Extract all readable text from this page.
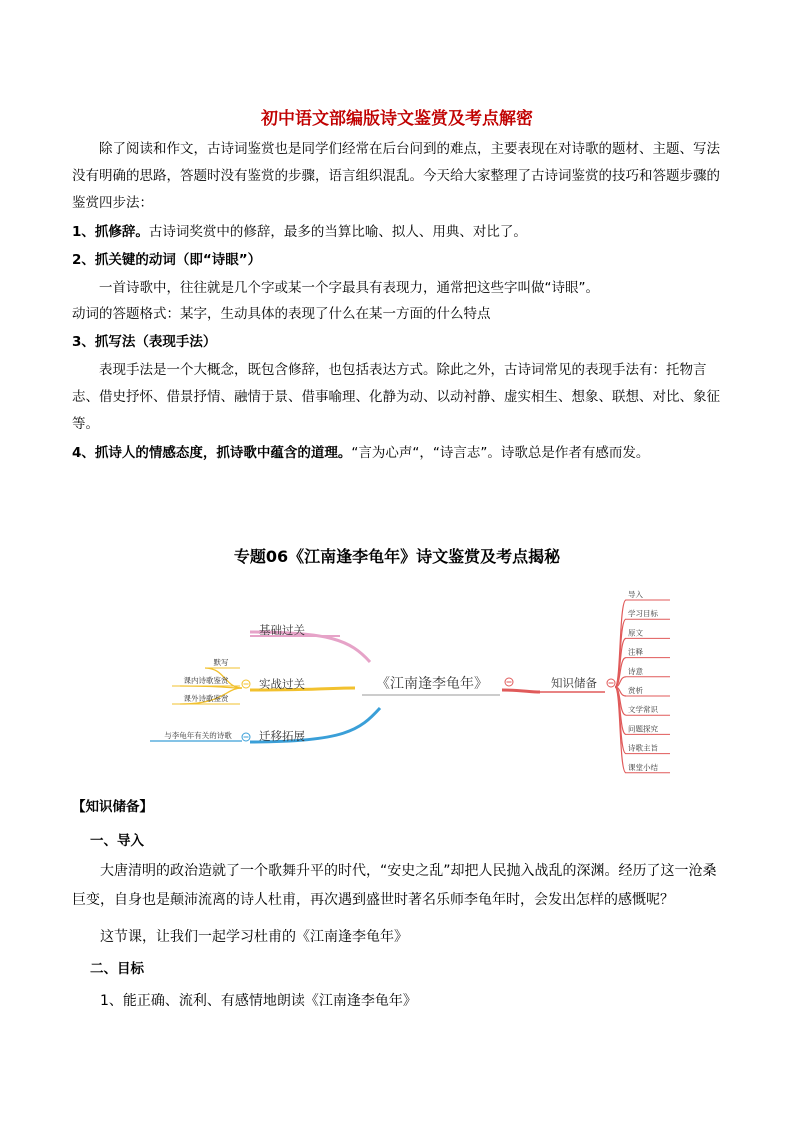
初中语文部编版诗文鉴赏及考点解密
除了阅读和作文，古诗词鉴赏也是同学们经常在后台问到的难点，主要表现在对诗歌的题材、主题、写法没有明确的思路，答题时没有鉴赏的步骤，语言组织混乱。今天给大家整理了古诗词鉴赏的技巧和答题步骤的鉴赏四步法：
1、抓修辞。古诗词奖赏中的修辞，最多的当算比喻、拟人、用典、对比了。
2、抓关键的动词（即“诗眼”）
一首诗歌中，往往就是几个字或某一个字最具有表现力，通常把这些字叫做“诗眼”。
动词的答题格式：某字，生动具体的表现了什么在某一方面的什么特点
3、抓写法（表现手法）
表现手法是一个大概念，既包含修辞，也包括表达方式。除此之外，古诗词常见的表现手法有：托物言志、借史抒怀、借景抒情、融情于景、借事喻理、化静为动、以动衬静、虚实相生、想象、联想、对比、象征等。
4、抓诗人的情感态度，抓诗歌中蕴含的道理。“言为心声“，“诗言志”。诗歌总是作者有感而发。
专题06《江南逢李龟年》诗文鉴赏及考点揭秘
《江南逢李龟年》
基础过关
实战过关
迁移拓展
默写
课内诗歌鉴赏
课外诗歌鉴赏
与李龟年有关的诗歌
知识储备
导入
学习目标
原文
注释
诗意
赏析
文学常识
问题探究
诗歌主旨
课堂小结
【知识储备】
一、导入
大唐清明的政治造就了一个歌舞升平的时代，“安史之乱”却把人民抛入战乱的深渊。经历了这一沧桑巨变，自身也是颠沛流离的诗人杜甫，再次遇到盛世时著名乐师李龟年时，会发出怎样的感慨呢？
这节课，让我们一起学习杜甫的《江南逢李龟年》
二、目标
1、能正确、流利、有感情地朗读《江南逢李龟年》
